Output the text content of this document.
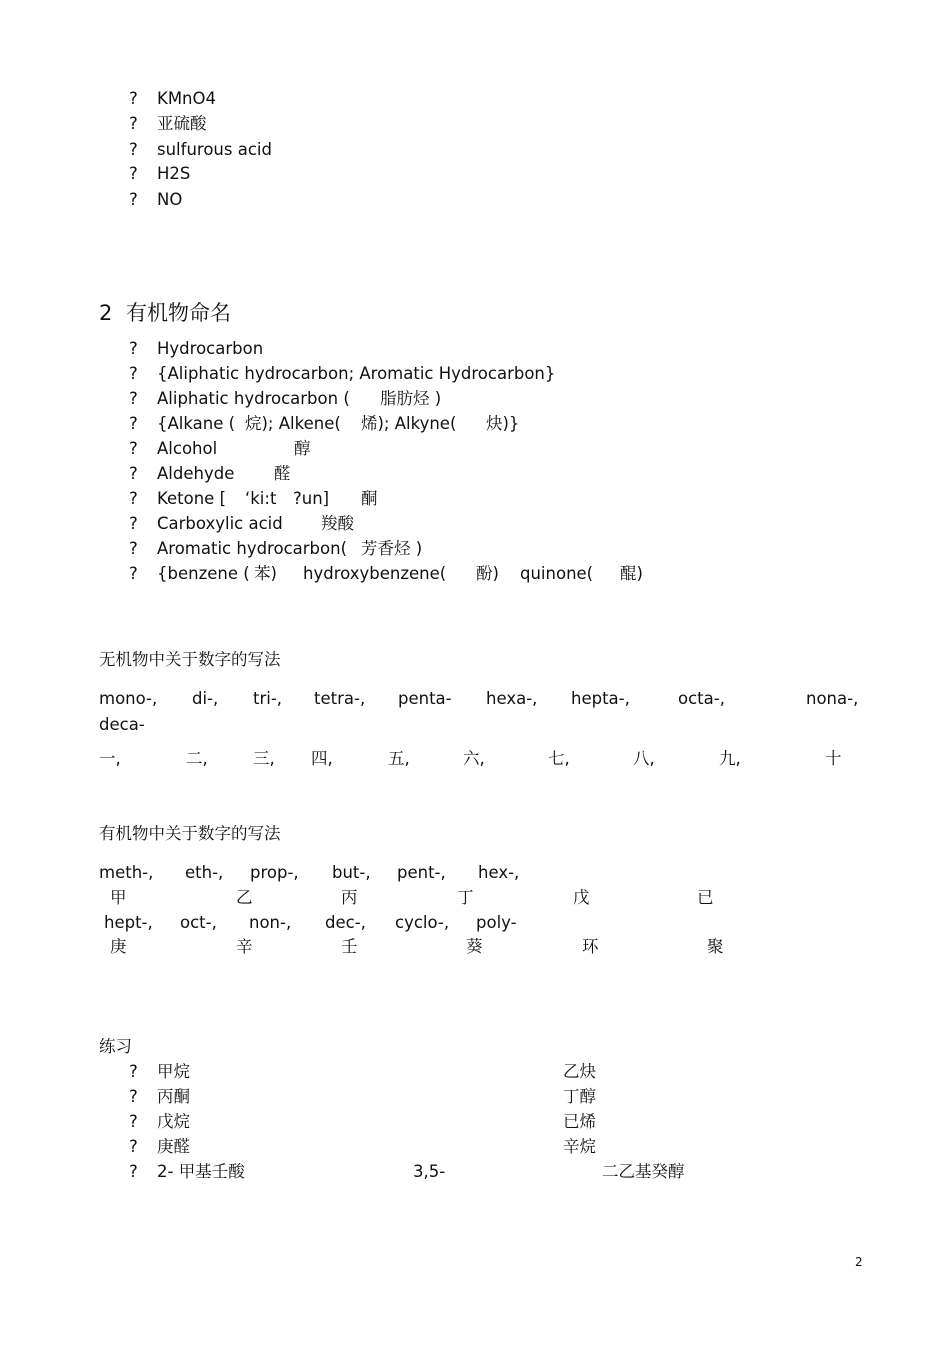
? KMnO4
? 亚硫酸
? sulfurous acid
? H2S
? NO
2 有机物命名
? Hydrocarbon
? {Aliphatic hydrocarbon; Aromatic Hydrocarbon}
? Aliphatic hydrocarbon ( 脂肪烃 )
? {Alkane ( 烷); Alkene( 烯); Alkyne( 炔)}
? Alcohol	醇
? Aldehyde 醛
? Ketone [ ‘ki:t ?un] 酮
? Carboxylic acid 羧酸
? Aromatic hydrocarbon( 芳香烃 )
? {benzene ( 苯) hydroxybenzene( 酚) quinone( 醌)
无机物中关于数字的写法
mono-, di-, tri-, tetra-, penta- hexa-, hepta-,	octa-,	nona-,
deca-
一,	二,	三, 四,	五,	六,	七,	八,	九,	十
有机物中关于数字的写法
meth-, eth-, prop-, but-, pent-, hex-,
甲	乙	丙	丁	戊	已
hept-, oct-, non-, dec-, cyclo-, poly-
庚	辛	壬	葵	环	聚
练习
? 甲烷	乙炔
? 丙酮	丁醇
? 戊烷	已烯
? 庚醛	辛烷
? 2- 甲基壬酸	3,5-	二乙基癸醇
2
